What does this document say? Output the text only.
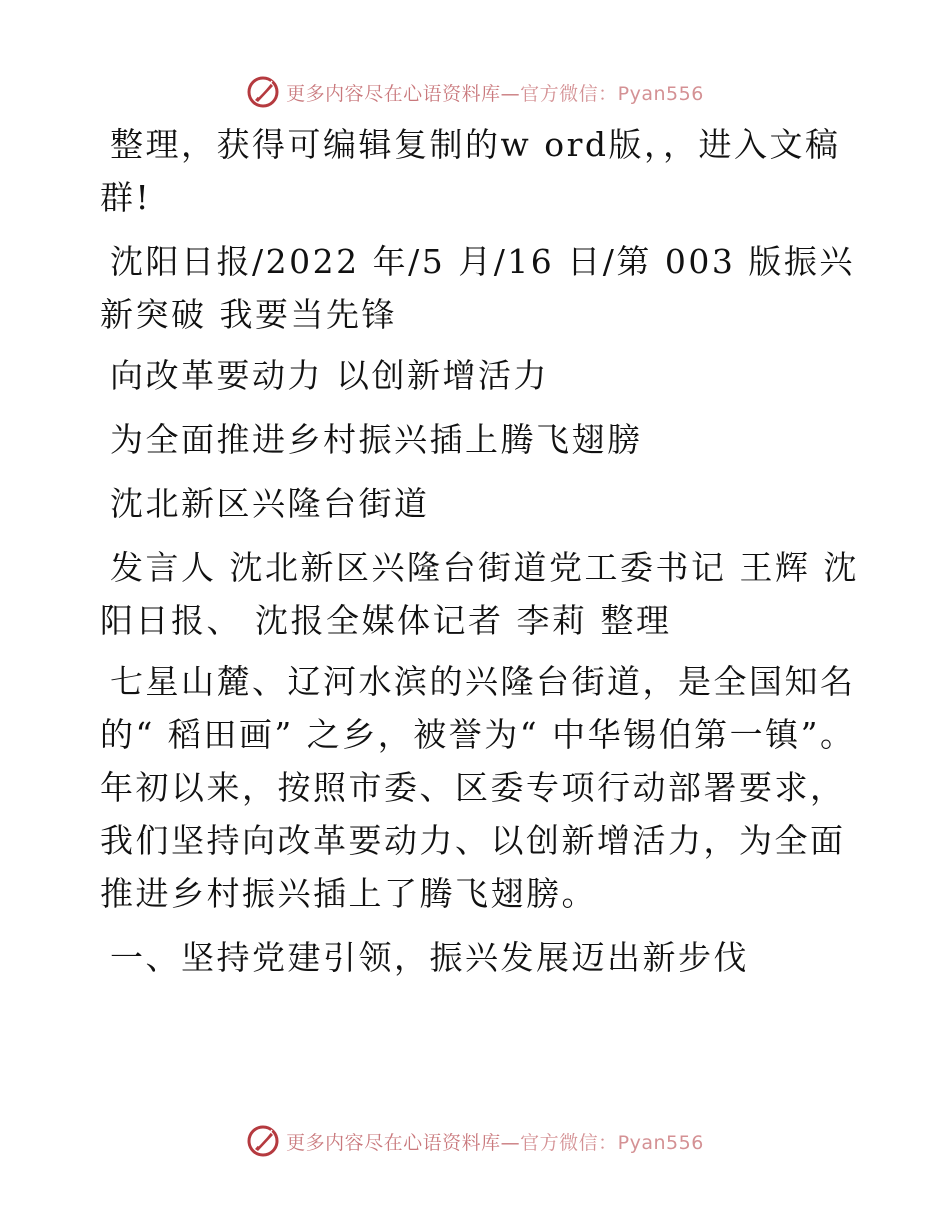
更多内容尽在心语资料库—官方微信：Pyan556

整理，获得可编辑复制的w ord版，，进入文稿群!

沈阳日报/2022 年/5 月/16 日/第 003 版振兴新突破 我要当先锋

向改革要动力 以创新增活力

为全面推进乡村振兴插上腾飞翅膀

沈北新区兴隆台街道

发言人 沈北新区兴隆台街道党工委书记 王辉 沈阳日报、 沈报全媒体记者 李莉 整理

七星山麓、辽河水滨的兴隆台街道，是全国知名的“ 稻田画” 之乡，被誉为“ 中华锡伯第一镇”。年初以来，按照市委、区委专项行动部署要求，我们坚持向改革要动力、以创新增活力，为全面推进乡村振兴插上了腾飞翅膀。

一、坚持党建引领，振兴发展迈出新步伐

更多内容尽在心语资料库—官方微信：Pyan556
